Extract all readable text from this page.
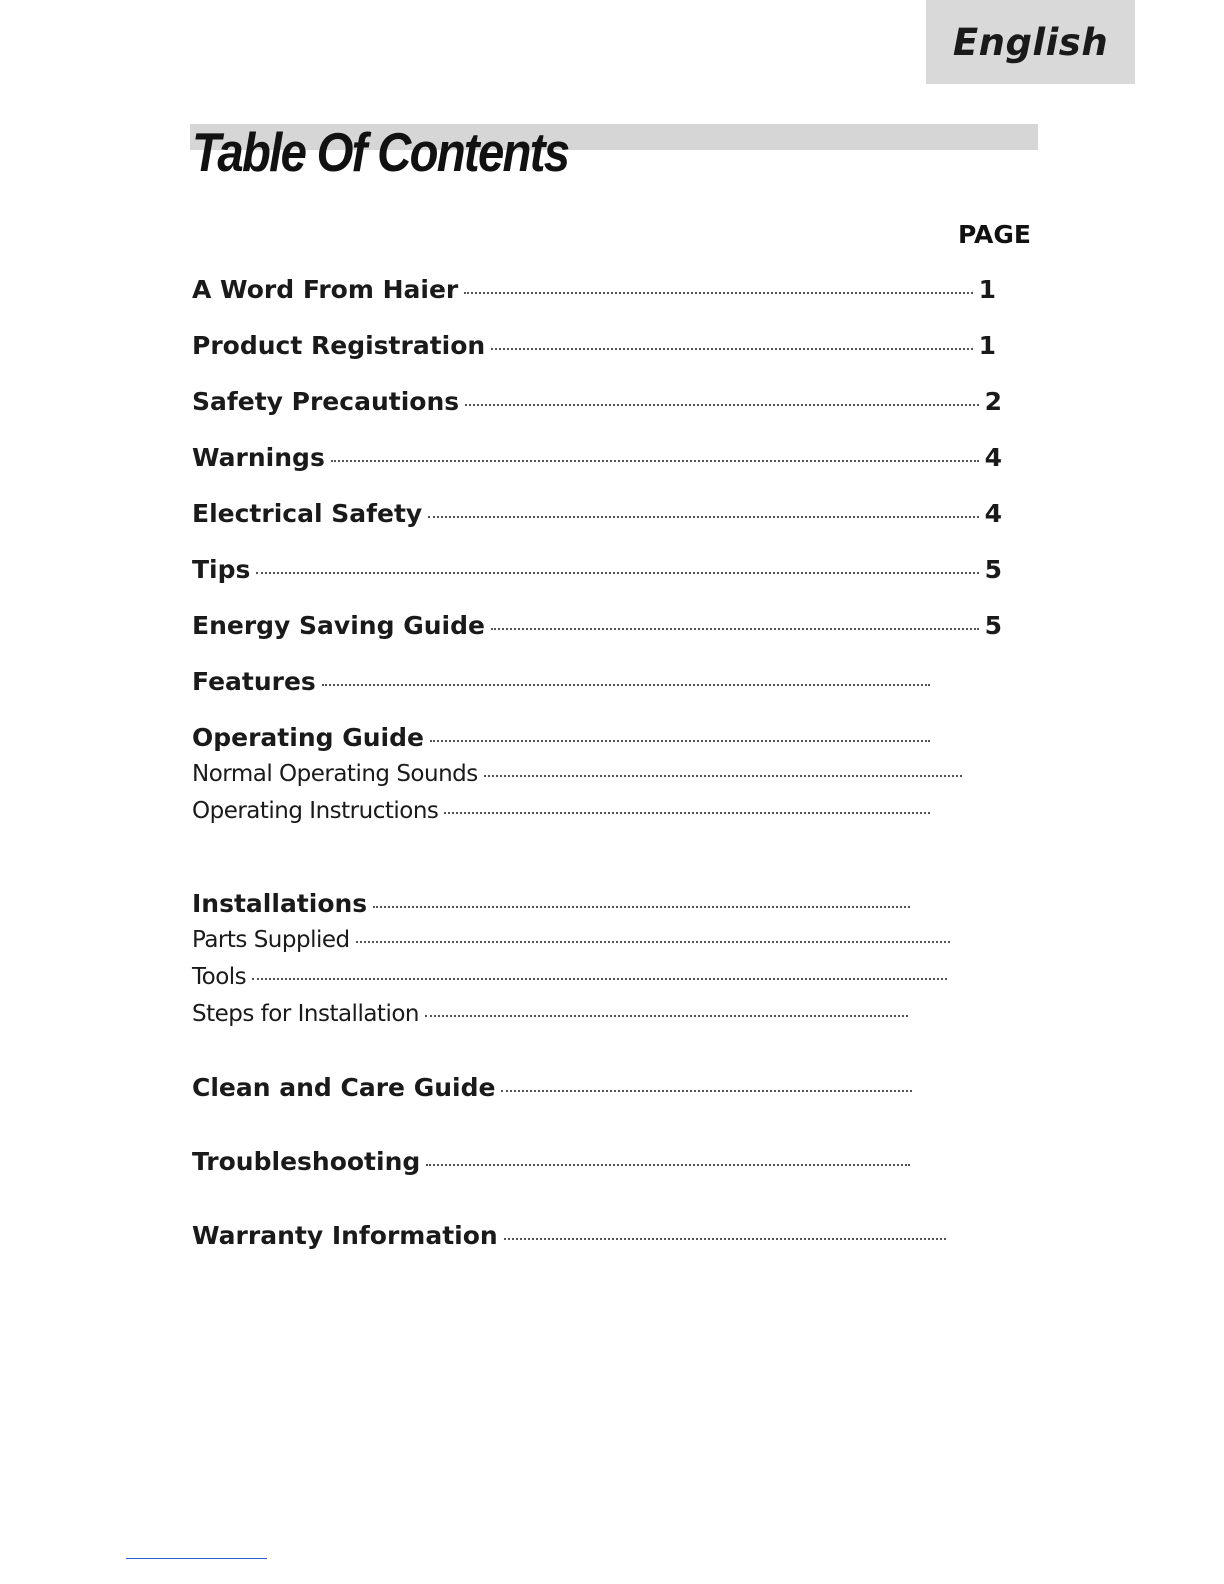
English
Table Of Contents
PAGE
A Word From Haier	1
Product Registration	1
Safety Precautions	2
Warnings	4
Electrical Safety	4
Tips	5
Energy Saving Guide	5
Features
Operating Guide
Normal Operating Sounds
Operating Instructions
Installations
Parts Supplied
Tools
Steps for Installation
Clean and Care Guide
Troubleshooting
Warranty Information
